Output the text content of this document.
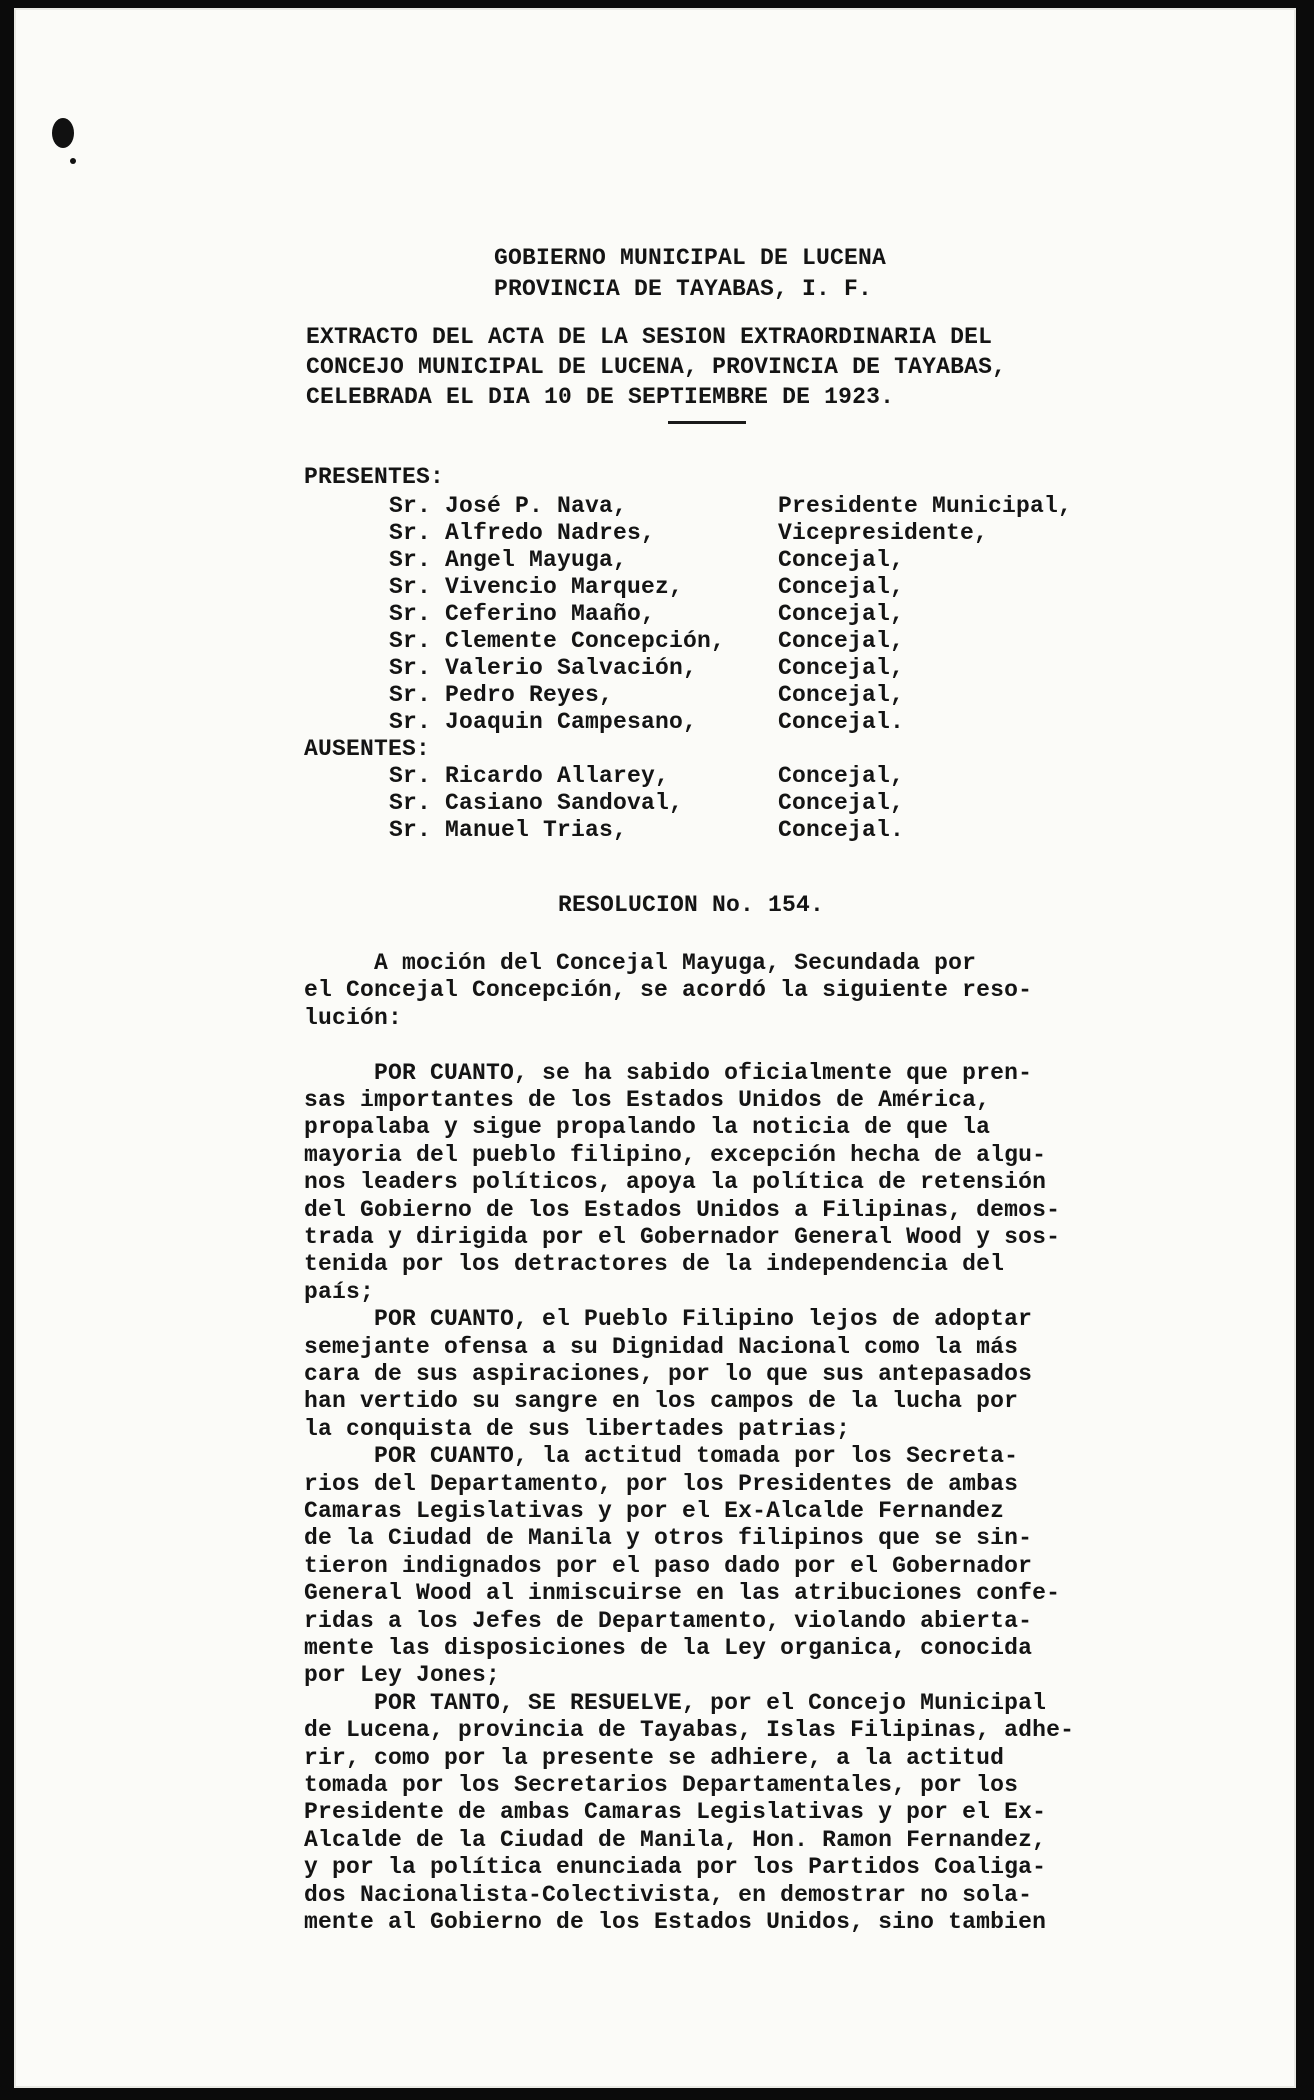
GOBIERNO MUNICIPAL DE LUCENA
PROVINCIA DE TAYABAS, I. F.
EXTRACTO DEL ACTA DE LA SESION EXTRAORDINARIA DEL
CONCEJO MUNICIPAL DE LUCENA, PROVINCIA DE TAYABAS,
CELEBRADA EL DIA 10 DE SEPTIEMBRE DE 1923.
PRESENTES:
Sr. José P. Nava,	Presidente Municipal,
Sr. Alfredo Nadres,	Vicepresidente,
Sr. Angel Mayuga,	Concejal,
Sr. Vivencio Marquez,	Concejal,
Sr. Ceferino Maaño,	Concejal,
Sr. Clemente Concepción, Concejal,
Sr. Valerio Salvación,	Concejal,
Sr. Pedro Reyes,	Concejal,
Sr. Joaquin Campesano,	Concejal.
AUSENTES:
Sr. Ricardo Allarey,	Concejal,
Sr. Casiano Sandoval,	Concejal,
Sr. Manuel Trias,	Concejal.
RESOLUCION No. 154.
A moción del Concejal Mayuga, Secundada por
el Concejal Concepción, se acordó la siguiente reso-
lución:
POR CUANTO, se ha sabido oficialmente que pren-
sas importantes de los Estados Unidos de América,
propalaba y sigue propalando la noticia de que la
mayoria del pueblo filipino, excepción hecha de algu-
nos leaders políticos, apoya la política de retensión
del Gobierno de los Estados Unidos a Filipinas, demos-
trada y dirigida por el Gobernador General Wood y sos-
tenida por los detractores de la independencia del
país;
POR CUANTO, el Pueblo Filipino lejos de adoptar
semejante ofensa a su Dignidad Nacional como la más
cara de sus aspiraciones, por lo que sus antepasados
han vertido su sangre en los campos de la lucha por
la conquista de sus libertades patrias;
POR CUANTO, la actitud tomada por los Secreta-
rios del Departamento, por los Presidentes de ambas
Camaras Legislativas y por el Ex-Alcalde Fernandez
de la Ciudad de Manila y otros filipinos que se sin-
tieron indignados por el paso dado por el Gobernador
General Wood al inmiscuirse en las atribuciones confe-
ridas a los Jefes de Departamento, violando abierta-
mente las disposiciones de la Ley organica, conocida
por Ley Jones;
POR TANTO, SE RESUELVE, por el Concejo Municipal
de Lucena, provincia de Tayabas, Islas Filipinas, adhe-
rir, como por la presente se adhiere, a la actitud
tomada por los Secretarios Departamentales, por los
Presidente de ambas Camaras Legislativas y por el Ex-
Alcalde de la Ciudad de Manila, Hon. Ramon Fernandez,
y por la política enunciada por los Partidos Coaliga-
dos Nacionalista-Colectivista, en demostrar no sola-
mente al Gobierno de los Estados Unidos, sino tambien
